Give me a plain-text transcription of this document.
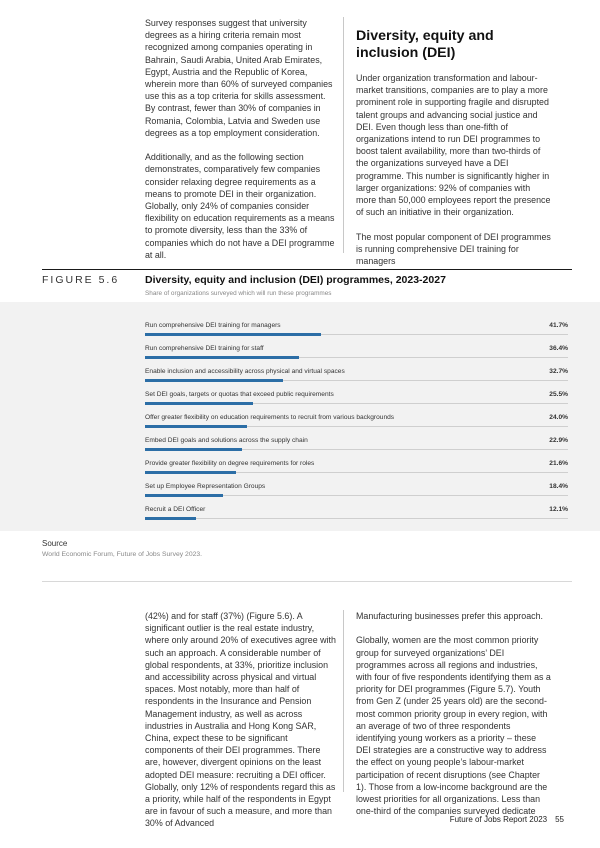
Survey responses suggest that university degrees as a hiring criteria remain most recognized among companies operating in Bahrain, Saudi Arabia, United Arab Emirates, Egypt, Austria and the Republic of Korea, wherein more than 60% of surveyed companies use this as a top criteria for skills assessment. By contrast, fewer than 30% of companies in Romania, Colombia, Latvia and Sweden use degrees as a top employment consideration.

Additionally, and as the following section demonstrates, comparatively few companies consider relaxing degree requirements as a means to promote DEI in their organization. Globally, only 24% of companies consider flexibility on education requirements as a means to promote diversity, less than the 33% of companies which do not have a DEI programme at all.

Diversity, equity and inclusion (DEI)

Under organization transformation and labour-market transitions, companies are to play a more prominent role in supporting fragile and disrupted talent groups and advancing social justice and DEI. Even though less than one-fifth of organizations intend to run DEI programmes to boost talent availability, more than two-thirds of the organizations surveyed have a DEI programme. This number is significantly higher in larger organizations: 92% of companies with more than 50,000 employees report the presence of such an initiative in their organization.

The most popular component of DEI programmes is running comprehensive DEI training for managers

FIGURE 5.6 Diversity, equity and inclusion (DEI) programmes, 2023-2027
Share of organizations surveyed which will run these programmes
Run comprehensive DEI training for managers	41.7%
Run comprehensive DEI training for staff	36.4%
Enable inclusion and accessibility across physical and virtual spaces	32.7%
Set DEI goals, targets or quotas that exceed public requirements	25.5%
Offer greater flexibility on education requirements to recruit from various backgrounds	24.0%
Embed DEI goals and solutions across the supply chain	22.9%
Provide greater flexibility on degree requirements for roles	21.6%
Set up Employee Representation Groups	18.4%
Recruit a DEI Officer	12.1%
Source
World Economic Forum, Future of Jobs Survey 2023.

(42%) and for staff (37%) (Figure 5.6). A significant outlier is the real estate industry, where only around 20% of executives agree with such an approach. A considerable number of global respondents, at 33%, prioritize inclusion and accessibility across physical and virtual spaces. Most notably, more than half of respondents in the Insurance and Pension Management industry, as well as across industries in Australia and Hong Kong SAR, China, expect these to be significant components of their DEI programmes. There are, however, divergent opinions on the least adopted DEI measure: recruiting a DEI officer. Globally, only 12% of respondents regard this as a priority, while half of the respondents in Egypt are in favour of such a measure, and more than 30% of Advanced

Manufacturing businesses prefer this approach.

Globally, women are the most common priority group for surveyed organizations’ DEI programmes across all regions and industries, with four of five respondents identifying them as a priority for DEI programmes (Figure 5.7). Youth from Gen Z (under 25 years old) are the second-most common priority group in every region, with an average of two of three respondents identifying young workers as a priority – these DEI strategies are a constructive way to address the effect on young people’s labour-market participation of recent disruptions (see Chapter 1). Those from a low-income background are the lowest priorities for all organizations. Less than one-third of the companies surveyed dedicate

Future of Jobs Report 2023 55
